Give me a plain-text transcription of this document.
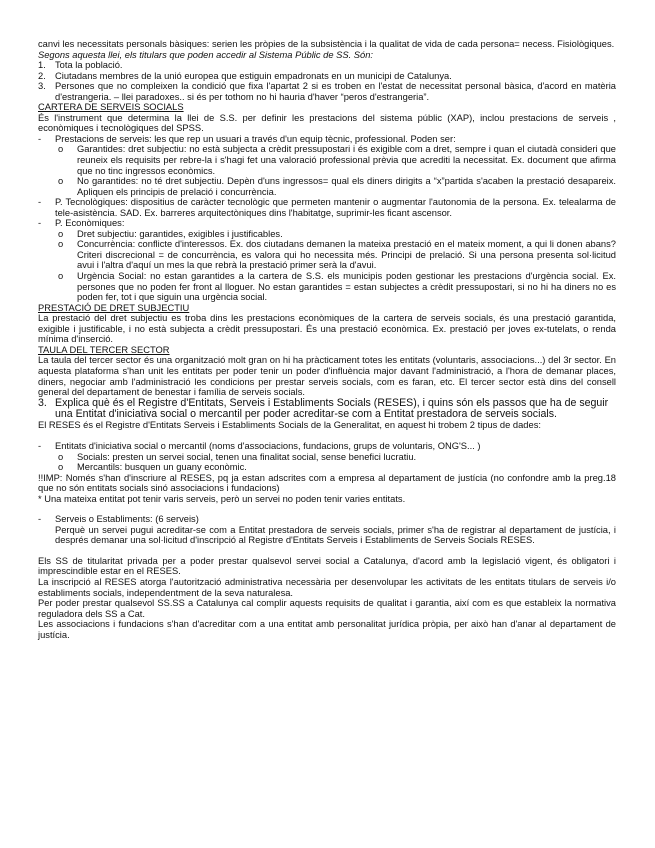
canvi les necessitats personals bàsiques: serien les pròpies de la subsistència i la qualitat de vida de cada persona= necess. Fisiològiques.

Segons aquesta llei, els titulars que poden accedir al Sistema Públic de SS. Són:

1. Tota la població.
2. Ciutadans membres de la unió europea que estiguin empadronats en un municipi de Catalunya.
3. Persones que no compleixen la condició que fixa l'apartat 2 si es troben en l'estat de necessitat personal bàsica, d'acord en matèria d'estrangeria. – llei paradoxes.. si és per tothom no hi hauria d'haver “peros d'estrangeria”.

CARTERA DE SERVEIS SOCIALS

És l'instrument que determina la llei de S.S. per definir les prestacions del sistema públic (XAP), inclou prestacions de serveis , econòmiques i tecnològiques del SPSS.

-	Prestacions de serveis: les que rep un usuari a través d'un equip tècnic, professional. Poden ser:
o	Garantides: dret subjectiu: no està subjecta a crèdit pressupostari i és exigible com a dret, sempre i quan el ciutadà consideri que reuneix els requisits per rebre-la i s'hagi fet una valoració professional prèvia que acrediti la necessitat. Ex. document que afirma que no tinc ingressos econòmics.
o	No garantides: no té dret subjectiu. Depèn d'uns ingressos= qual els diners dirigits a “x”partida s'acaben la prestació desapareix. Apliquen els principis de prelació i concurrència.
-	P. Tecnològiques: dispositius de caràcter tecnològic que permeten mantenir o augmentar l'autonomia de la persona. Ex. telealarma de tele-asistència. SAD. Ex. barreres arquitectòniques dins l'habitatge, suprimir-les ficant ascensor.
-	P. Econòmiques:
o	Dret subjectiu: garantides, exigibles i justificables.
o	Concurrència: conflicte d'interessos. Ex. dos ciutadans demanen la mateixa prestació en el mateix moment, a qui li donen abans? Criteri discrecional = de concurrència, es valora qui ho necessita més. Principi de prelació. Si una persona presenta sol·licitud avui i l'altra d'aquí un mes la que rebrà la prestació primer serà la d'avui.
o	Urgència Social: no estan garantides a la cartera de S.S. els municipis poden gestionar les prestacions d'urgència social. Ex. persones que no poden fer front al lloguer. No estan garantides = estan subjectes a crèdit pressupostari, si no hi ha diners no es poden fer, tot i que siguin una urgència social.

PRESTACIÓ DE DRET SUBJECTIU

La prestació del dret subjectiu es troba dins les prestacions econòmiques de la cartera de serveis socials, és una prestació garantida, exigible i justificable, i no està subjecta a crèdit pressupostari. És una prestació econòmica. Ex. prestació per joves ex-tutelats, o renda mínima d'inserció.

TAULA DEL TERCER SECTOR

La taula del tercer sector és una organització molt gran on hi ha pràcticament totes les entitats (voluntaris, associacions...) del 3r sector. En aquesta plataforma s'han unit les entitats per poder tenir un poder d'influència major davant l'administració, a l'hora de demanar places, diners, negociar amb l'administració les condicions per prestar serveis socials, com es faran, etc. El tercer sector està dins del consell general del departament de benestar i família de serveis socials.

3. Explica què és el Registre d'Entitats, Serveis i Establiments Socials (RESES), i quins són els passos que ha de seguir una Entitat d'iniciativa social o mercantil per poder acreditar-se com a Entitat prestadora de serveis socials.

El RESES és el Registre d'Entitats Serveis i Establiments Socials de la Generalitat, en aquest hi trobem 2 tipus de dades:

-	Entitats d'iniciativa social o mercantil (noms d'associacions, fundacions, grups de voluntaris, ONG'S... )
o	Socials: presten un servei social, tenen una finalitat social, sense benefici lucratiu.
o	Mercantils: busquen un guany econòmic.

!!IMP: Només s'han d'inscriure al RESES, pq ja estan adscrites com a empresa al departament de justícia (no confondre amb la preg.18 que no són entitats socials sinó associacions i fundacions)

* Una mateixa entitat pot tenir varis serveis, però un servei no poden tenir varies entitats.

-	Serveis o Establiments: (6 serveis)

Perquè un servei pugui acreditar-se com a Entitat prestadora de serveis socials, primer s'ha de registrar al departament de justícia, i després demanar una sol·licitud d'inscripció al Registre d'Entitats Serveis i Establiments de Serveis Socials RESES.

Els SS de titularitat privada per a poder prestar qualsevol servei social a Catalunya, d'acord amb la legislació vigent, és obligatori i imprescindible estar en el RESES.

La inscripció al RESES atorga l'autorització administrativa necessària per desenvolupar les activitats de les entitats titulars de serveis i/o establiments socials, independentment de la seva naturalesa.

Per poder prestar qualsevol SS.SS a Catalunya cal complir aquests requisits de qualitat i garantia, així com es que estableix la normativa reguladora dels SS a Cat.

Les associacions i fundacions s'han d'acreditar com a una entitat amb personalitat jurídica pròpia, per això han d'anar al departament de justícia.
